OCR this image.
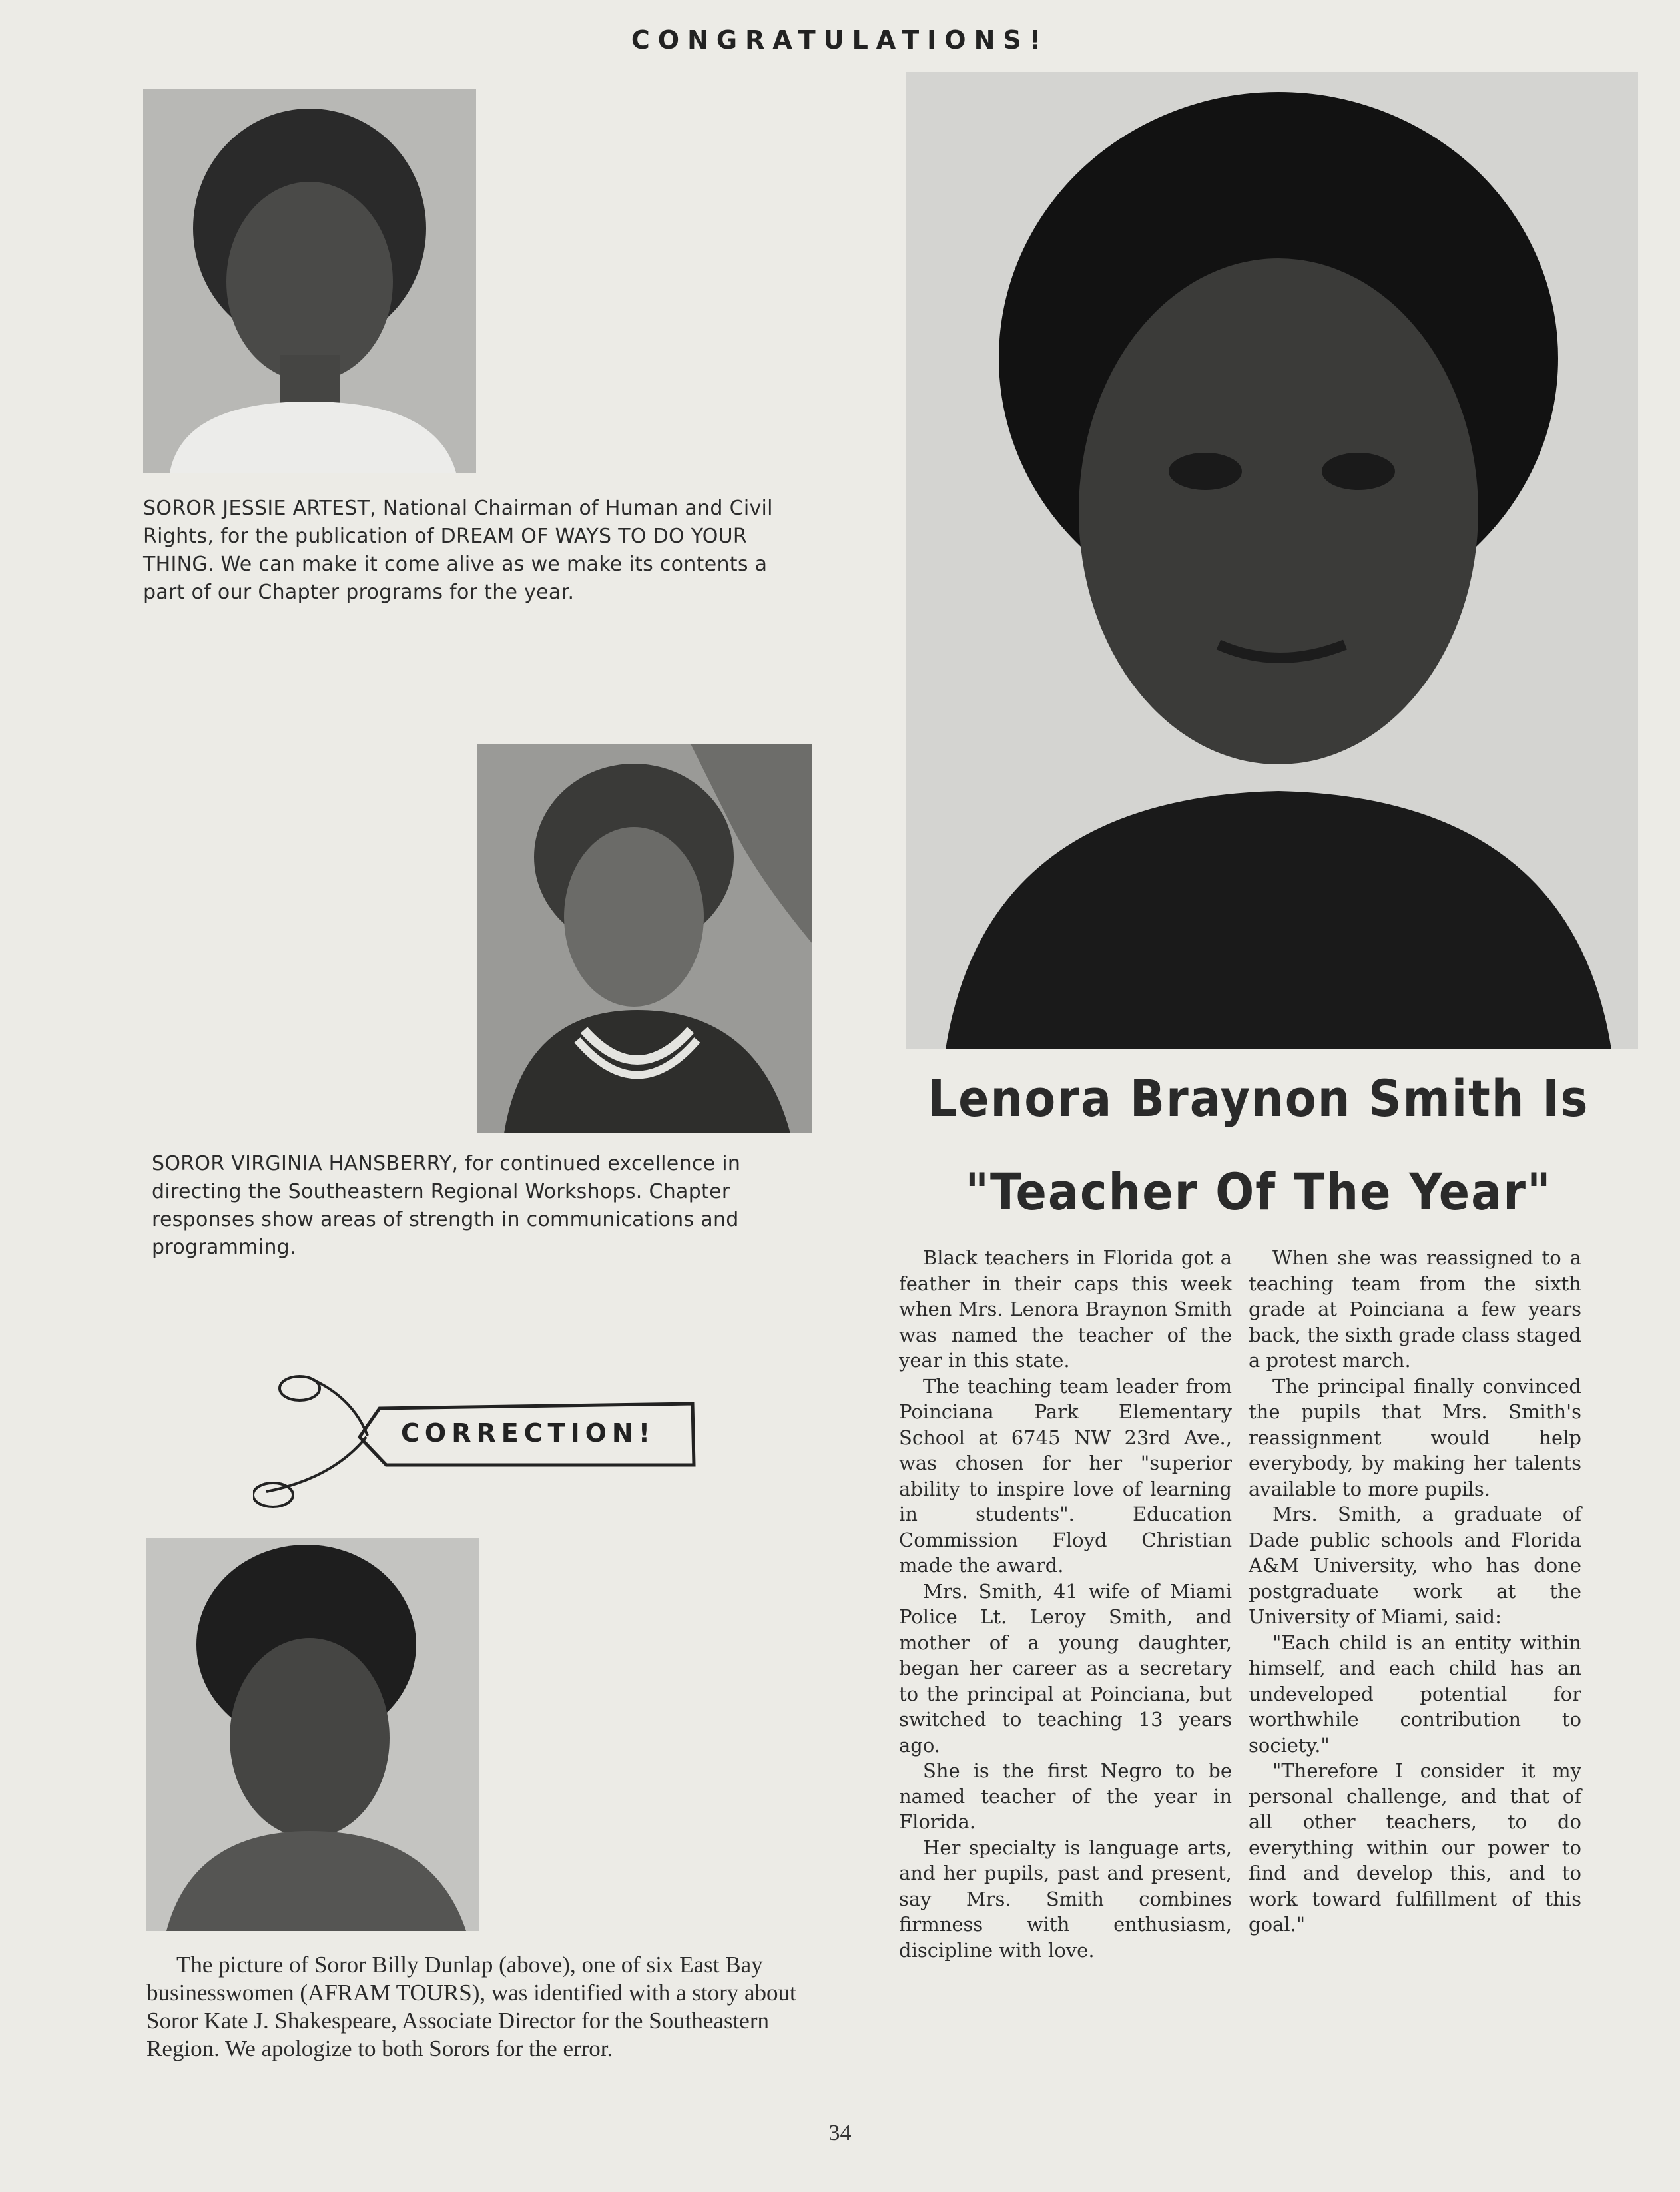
CONGRATULATIONS!

SOROR JESSIE ARTEST, National Chairman of Human and Civil Rights, for the publication of DREAM OF WAYS TO DO YOUR THING. We can make it come alive as we make its contents a part of our Chapter programs for the year.

SOROR VIRGINIA HANSBERRY, for continued excellence in directing the Southeastern Regional Workshops. Chapter responses show areas of strength in communications and programming.

CORRECTION!

The picture of Soror Billy Dunlap (above), one of six East Bay businesswomen (AFRAM TOURS), was identified with a story about Soror Kate J. Shakespeare, Associate Director for the Southeastern Region. We apologize to both Sorors for the error.

Lenora Braynon Smith Is
"Teacher Of The Year"

Black teachers in Florida got a feather in their caps this week when Mrs. Lenora Braynon Smith was named the teacher of the year in this state.

The teaching team leader from Poinciana Park Elementary School at 6745 NW 23rd Ave., was chosen for her "superior ability to inspire love of learning in students". Education Commission Floyd Christian made the award.

Mrs. Smith, 41 wife of Miami Police Lt. Leroy Smith, and mother of a young daughter, began her career as a secretary to the principal at Poinciana, but switched to teaching 13 years ago.

She is the first Negro to be named teacher of the year in Florida.

Her specialty is language arts, and her pupils, past and present, say Mrs. Smith combines firmness with enthusiasm, discipline with love.

When she was reassigned to a teaching team from the sixth grade at Poinciana a few years back, the sixth grade class staged a protest march.

The principal finally convinced the pupils that Mrs. Smith's reassignment would help everybody, by making her talents available to more pupils.

Mrs. Smith, a graduate of Dade public schools and Florida A&M University, who has done postgraduate work at the University of Miami, said:

"Each child is an entity within himself, and each child has an undeveloped potential for worthwhile contribution to society."

"Therefore I consider it my personal challenge, and that of all other teachers, to do everything within our power to find and develop this, and to work toward fulfillment of this goal."

34
